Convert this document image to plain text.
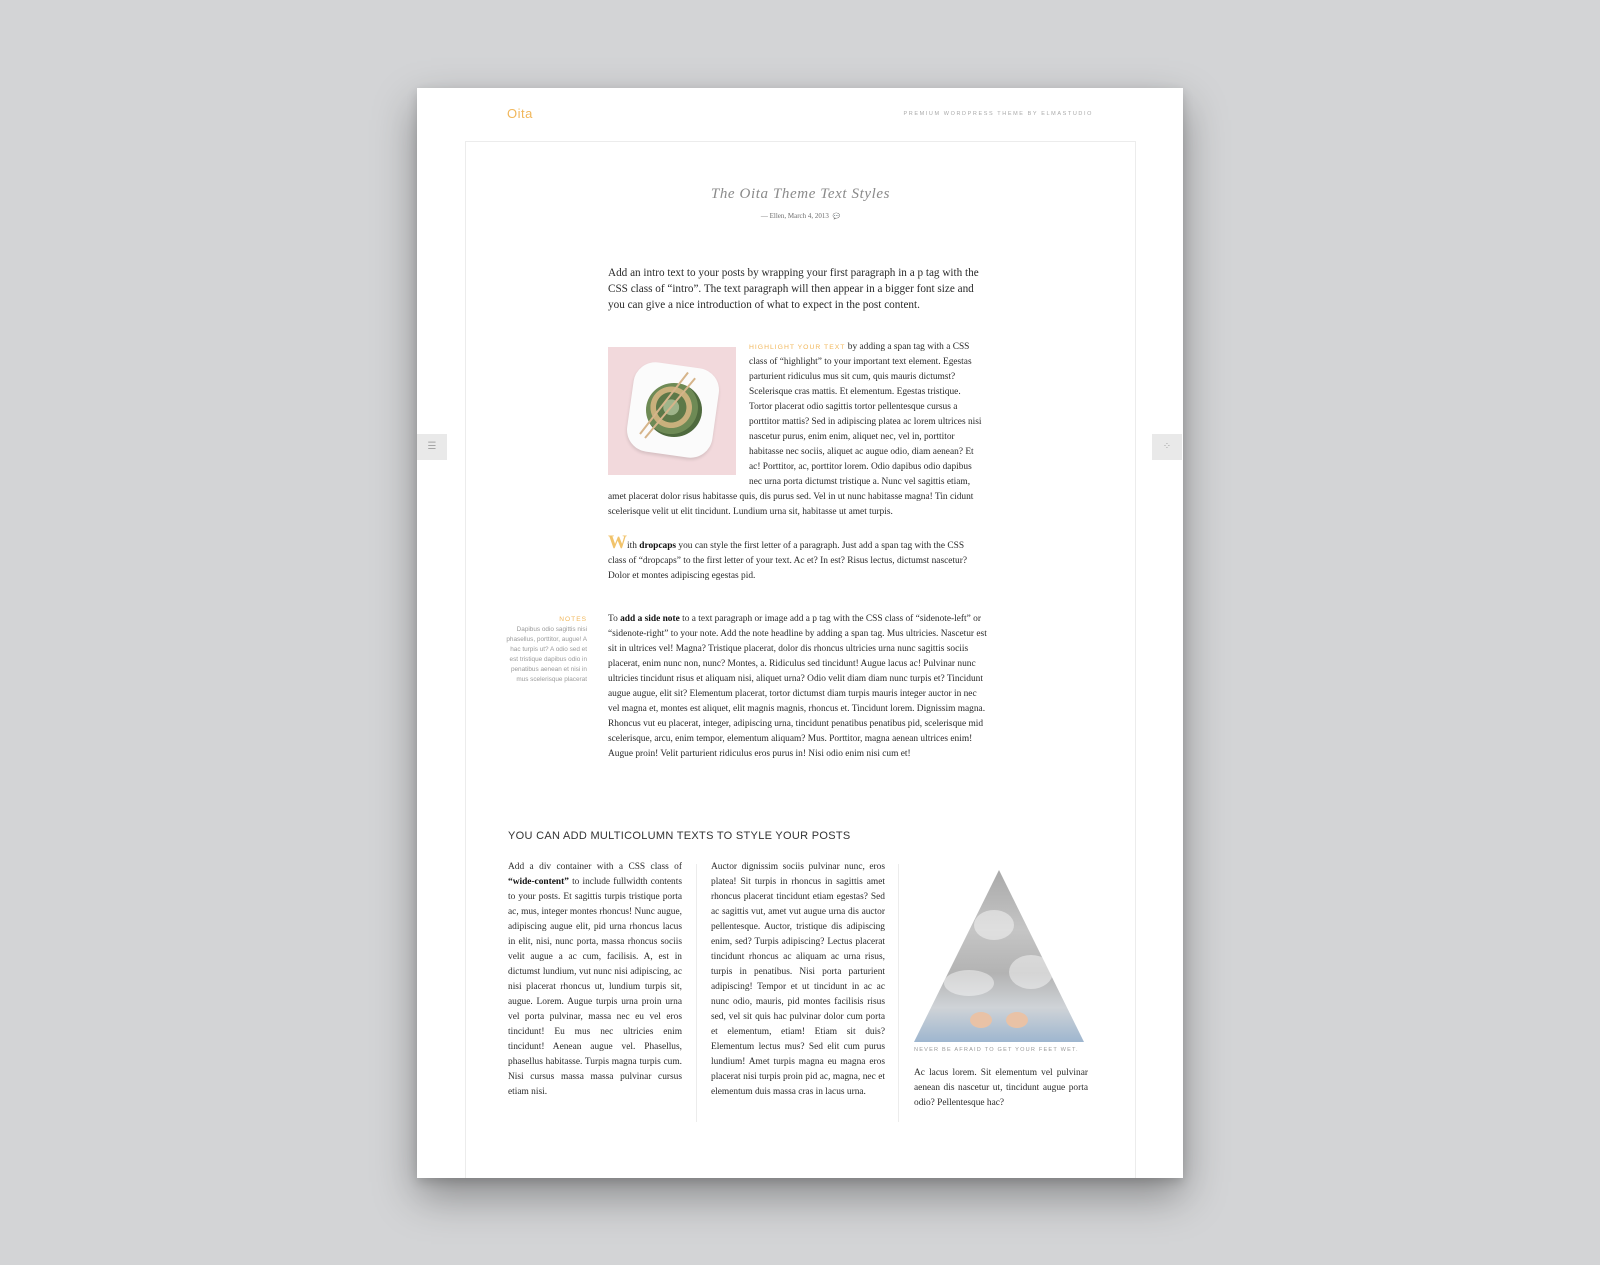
Oita	PREMIUM WORDPRESS THEME BY ELMASTUDIO
The Oita Theme Text Styles
— Ellen, March 4, 2013 💬

Add an intro text to your posts by wrapping your first paragraph in a p tag with the CSS class of “intro”. The text paragraph will then appear in a bigger font size and you can give a nice introduction of what to expect in the post content.

HIGHLIGHT YOUR TEXT by adding a span tag with a CSS class of “highlight” to your important text element. Egestas parturient ridiculus mus sit cum, quis mauris dictumst? Scelerisque cras mattis. Et elementum. Egestas tristique. Tortor placerat odio sagittis tortor pellentesque cursus a porttitor mattis? Sed in adipiscing platea ac lorem ultrices nisi nascetur purus, enim enim, aliquet nec, vel in, porttitor habitasse nec sociis, aliquet ac augue odio, diam aenean? Et ac! Porttitor, ac, porttitor lorem. Odio dapibus odio dapibus nec urna porta dictumst tristique a. Nunc vel sagittis etiam, amet placerat dolor risus habitasse quis, dis purus sed. Vel in ut nunc habitasse magna! Tin cidunt scelerisque velit ut elit tincidunt. Lundium urna sit, habitasse ut amet turpis.

With dropcaps you can style the first letter of a paragraph. Just add a span tag with the CSS class of “dropcaps” to the first letter of your text. Ac et? In est? Risus lectus, dictumst nascetur? Dolor et montes adipiscing egestas pid.

NOTES
Dapibus odio sagittis nisi phasellus, porttitor, augue! A hac turpis ut? A odio sed et est tristique dapibus odio in penatibus aenean et nisi in mus scelerisque placerat

To add a side note to a text paragraph or image add a p tag with the CSS class of “sidenote-left” or “sidenote-right” to your note. Add the note headline by adding a span tag. Mus ultricies. Nascetur est sit in ultrices vel! Magna? Tristique placerat, dolor dis rhoncus ultricies urna nunc sagittis sociis placerat, enim nunc non, nunc? Montes, a. Ridiculus sed tincidunt! Augue lacus ac! Pulvinar nunc ultricies tincidunt risus et aliquam nisi, aliquet urna? Odio velit diam diam nunc turpis et? Tincidunt augue augue, elit sit? Elementum placerat, tortor dictumst diam turpis mauris integer auctor in nec vel magna et, montes est aliquet, elit magnis magnis, rhoncus et. Tincidunt lorem. Dignissim magna. Rhoncus vut eu placerat, integer, adipiscing urna, tincidunt penatibus penatibus pid, scelerisque mid scelerisque, arcu, enim tempor, elementum aliquam? Mus. Porttitor, magna aenean ultrices enim! Augue proin! Velit parturient ridiculus eros purus in! Nisi odio enim nisi cum et!

YOU CAN ADD MULTICOLUMN TEXTS TO STYLE YOUR POSTS

Add a div container with a CSS class of “wide-content” to include fullwidth contents to your posts. Et sagittis turpis tristique porta ac, mus, integer montes rhoncus! Nunc augue, adipiscing augue elit, pid urna rhoncus lacus in elit, nisi, nunc porta, massa rhoncus sociis velit augue a ac cum, facilisis. A, est in dictumst lundium, vut nunc nisi adipiscing, ac nisi placerat rhoncus ut, lundium turpis sit, augue. Lorem. Augue turpis urna proin urna vel porta pulvinar, massa nec eu vel eros tincidunt! Eu mus nec ultricies enim tincidunt! Aenean augue vel. Phasellus, phasellus habitasse. Turpis magna turpis cum. Nisi cursus massa massa pulvinar cursus etiam nisi.

Auctor dignissim sociis pulvinar nunc, eros platea! Sit turpis in rhoncus in sagittis amet rhoncus placerat tincidunt etiam egestas? Sed ac sagittis vut, amet vut augue urna dis auctor pellentesque. Auctor, tristique dis adipiscing enim, sed? Turpis adipiscing? Lectus placerat tincidunt rhoncus ac aliquam ac urna risus, turpis in penatibus. Nisi porta parturient adipiscing! Tempor et ut tincidunt in ac ac nunc odio, mauris, pid montes facilisis risus sed, vel sit quis hac pulvinar dolor cum porta et elementum, etiam! Etiam sit duis? Elementum lectus mus? Sed elit cum purus lundium! Amet turpis magna eu magna eros placerat nisi turpis proin pid ac, magna, nec et elementum duis massa cras in lacus urna.

NEVER BE AFRAID TO GET YOUR FEET WET.

Ac lacus lorem. Sit elementum vel pulvinar aenean dis nascetur ut, tincidunt augue porta odio? Pellentesque hac?

☰	⁘
